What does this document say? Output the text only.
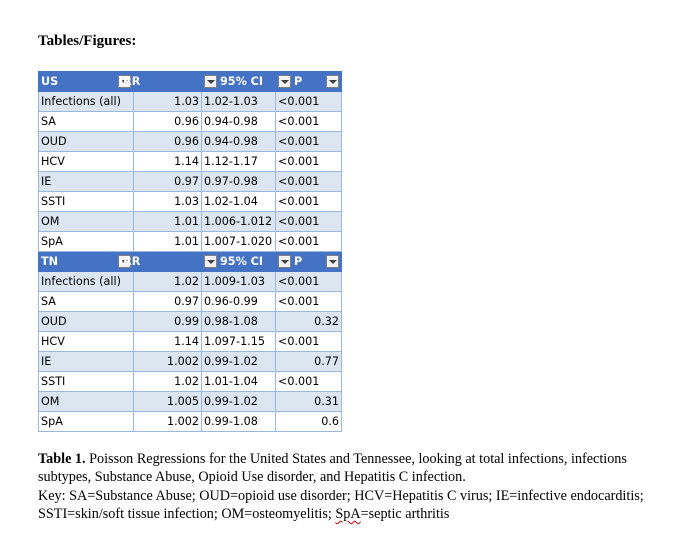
Tables/Figures:
US	IRR	95% CI	P

Infections (all)	1.03	1.02-1.03	<0.001
SA	0.96	0.94-0.98	<0.001
OUD	0.96	0.94-0.98	<0.001
HCV	1.14	1.12-1.17	<0.001
IE	0.97	0.97-0.98	<0.001
SSTI	1.03	1.02-1.04	<0.001
OM	1.01	1.006-1.012	<0.001
SpA	1.01	1.007-1.020	<0.001

TN	IRR	95% CI	P

Infections (all)	1.02	1.009-1.03	<0.001
SA	0.97	0.96-0.99	<0.001
OUD	0.99	0.98-1.08	0.32
HCV	1.14	1.097-1.15	<0.001
IE	1.002	0.99-1.02	0.77
SSTI	1.02	1.01-1.04	<0.001
OM	1.005	0.99-1.02	0.31
SpA	1.002	0.99-1.08	0.6
Table 1. Poisson Regressions for the United States and Tennessee, looking at total infections, infections subtypes, Substance Abuse, Opioid Use disorder, and Hepatitis C infection.
Key: SA=Substance Abuse; OUD=opioid use disorder; HCV=Hepatitis C virus; IE=infective endocarditis; SSTI=skin/soft tissue infection; OM=osteomyelitis; SpA=septic arthritis
